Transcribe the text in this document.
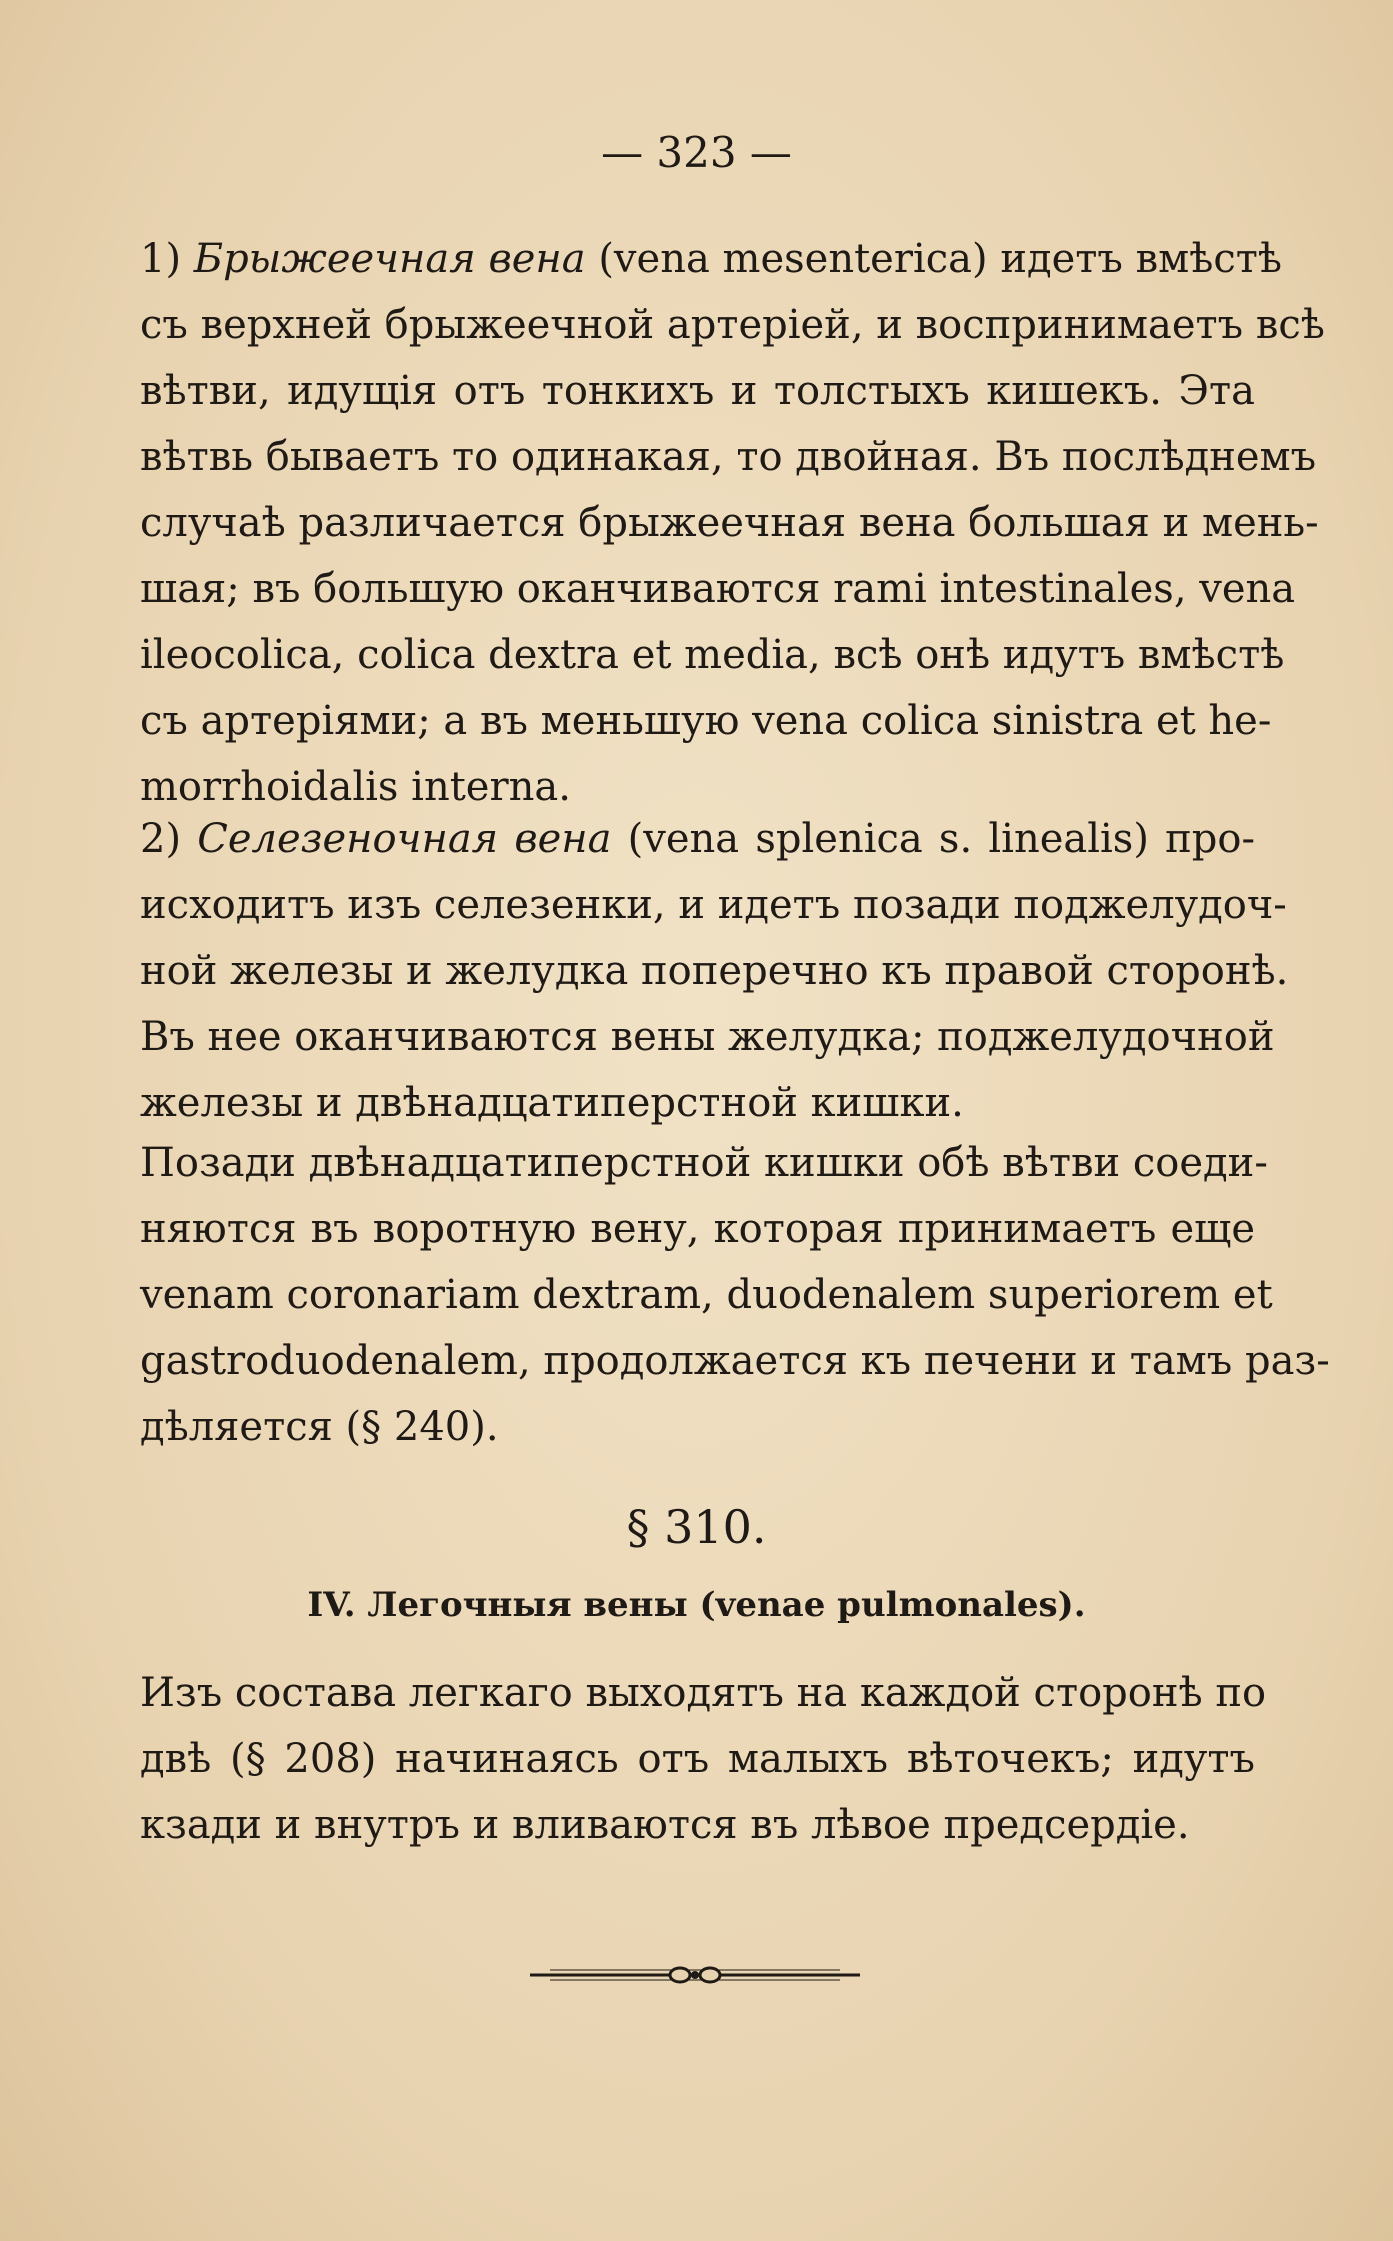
— 323 —
1) Брыжеечная вена (vena mesenterica) идетъ вмѣстѣ
съ верхней брыжеечной артеріей, и воспринимаетъ всѣ
вѣтви, идущія отъ тонкихъ и толстыхъ кишекъ. Эта
вѣтвь бываетъ то одинакая, то двойная. Въ послѣднемъ
случаѣ различается брыжеечная вена большая и мень-
шая; въ большую оканчиваются rami intestinales, vena
ileocolica, colica dextra et media, всѣ онѣ идутъ вмѣстѣ
съ артеріями; а въ меньшую vena colica sinistra et he-
morrhoidalis interna.
2) Селезеночная вена (vena splenica s. linealis) про-
исходитъ изъ селезенки, и идетъ позади поджелудоч-
ной железы и желудка поперечно къ правой сторонѣ.
Въ нее оканчиваются вены желудка; поджелудочной
железы и двѣнадцатиперстной кишки.
Позади двѣнадцатиперстной кишки обѣ вѣтви соеди-
няются въ воротную вену, которая принимаетъ еще
venam coronariam dextram, duodenalem superiorem et
gastroduodenalem, продолжается къ печени и тамъ раз-
дѣляется (§ 240).
§ 310.
IV. Легочныя вены (venae pulmonales).
Изъ состава легкаго выходятъ на каждой сторонѣ по
двѣ (§ 208) начинаясь отъ малыхъ вѣточекъ; идутъ
кзади и внутръ и вливаются въ лѣвое предсердіе.
